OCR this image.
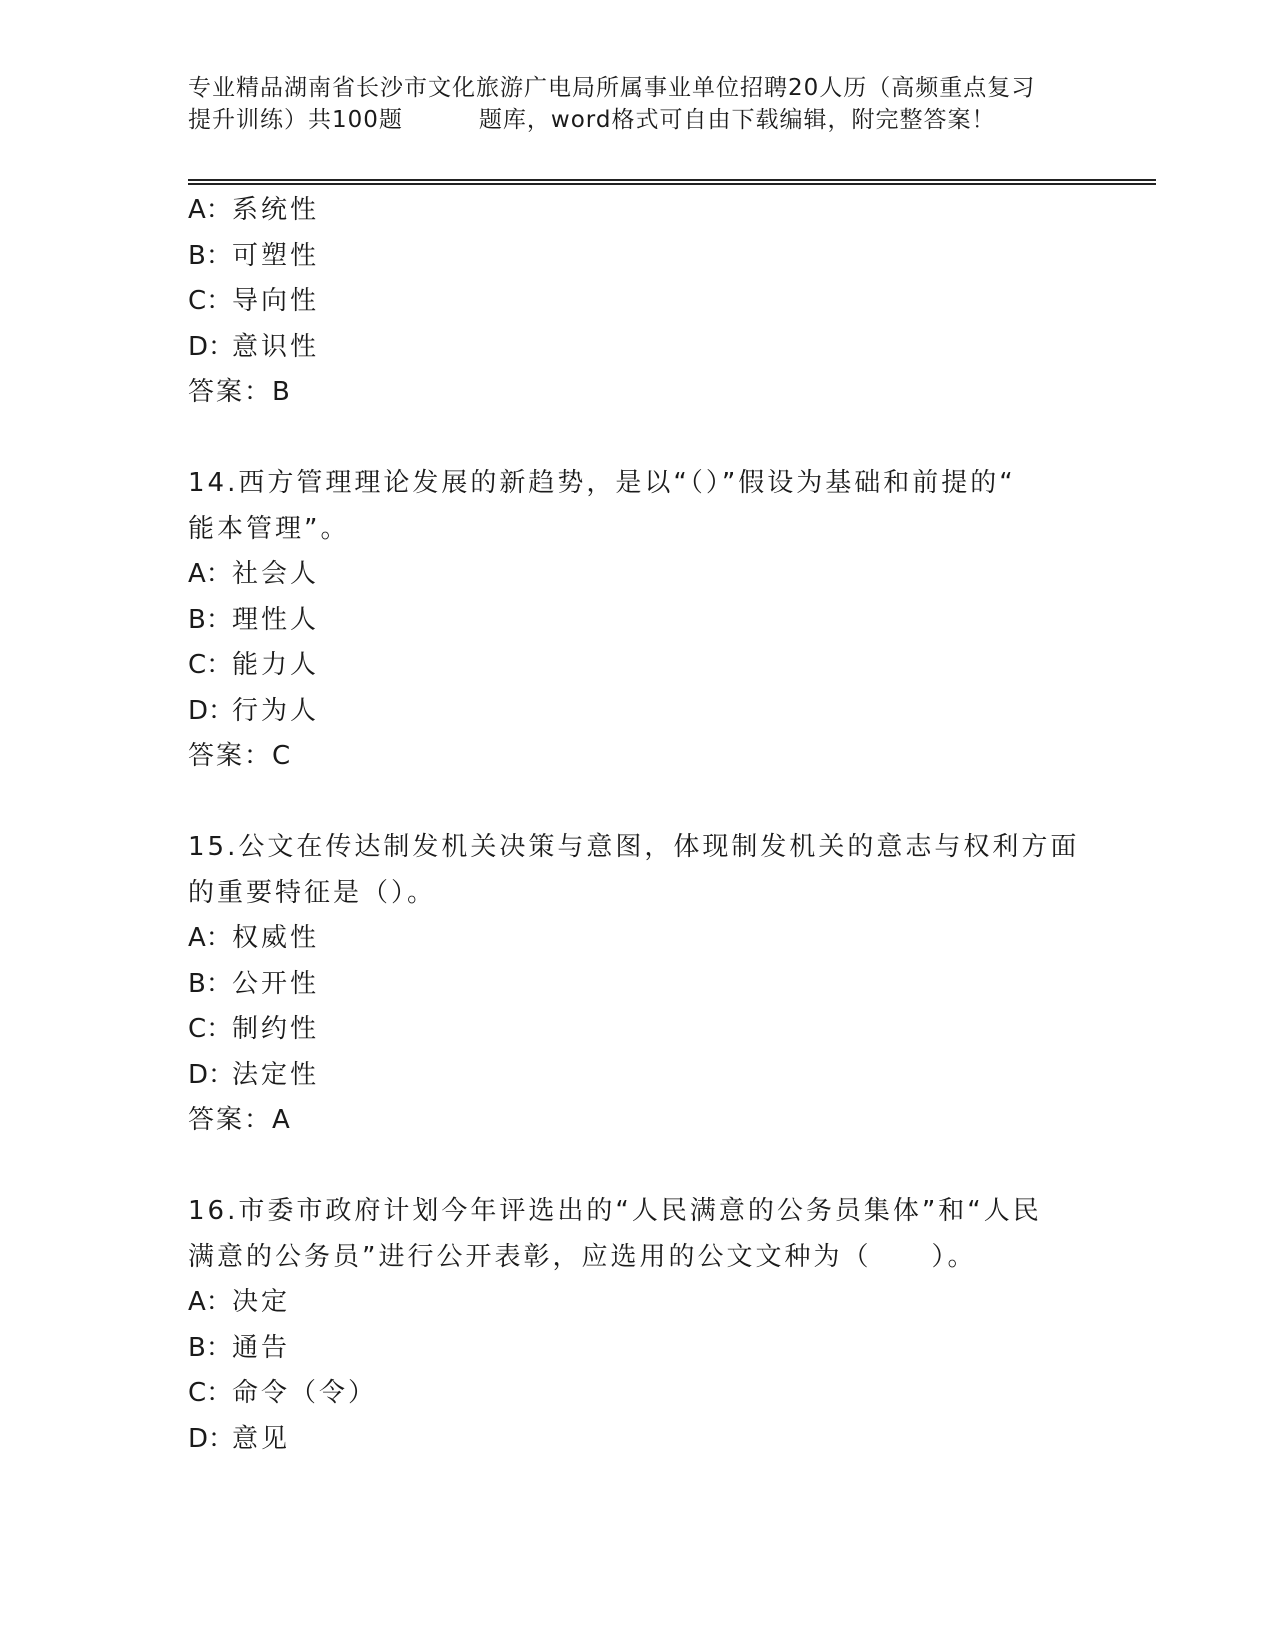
专业精品湖南省长沙市文化旅游广电局所属事业单位招聘20人历（高频重点复习
提升训练）共100题	题库，word格式可自由下载编辑，附完整答案！
A：系统性
B：可塑性
C：导向性
D：意识性
答案：B
14.西方管理理论发展的新趋势，是以“（）”假设为基础和前提的“
能本管理”。
A：社会人
B：理性人
C：能力人
D：行为人
答案：C
15.公文在传达制发机关决策与意图，体现制发机关的意志与权利方面
的重要特征是（）。
A：权威性
B：公开性
C：制约性
D：法定性
答案：A
16.市委市政府计划今年评选出的“人民满意的公务员集体”和“人民
满意的公务员”进行公开表彰，应选用的公文文种为（ ）。
A：决定
B：通告
C：命令（令）
D：意见
